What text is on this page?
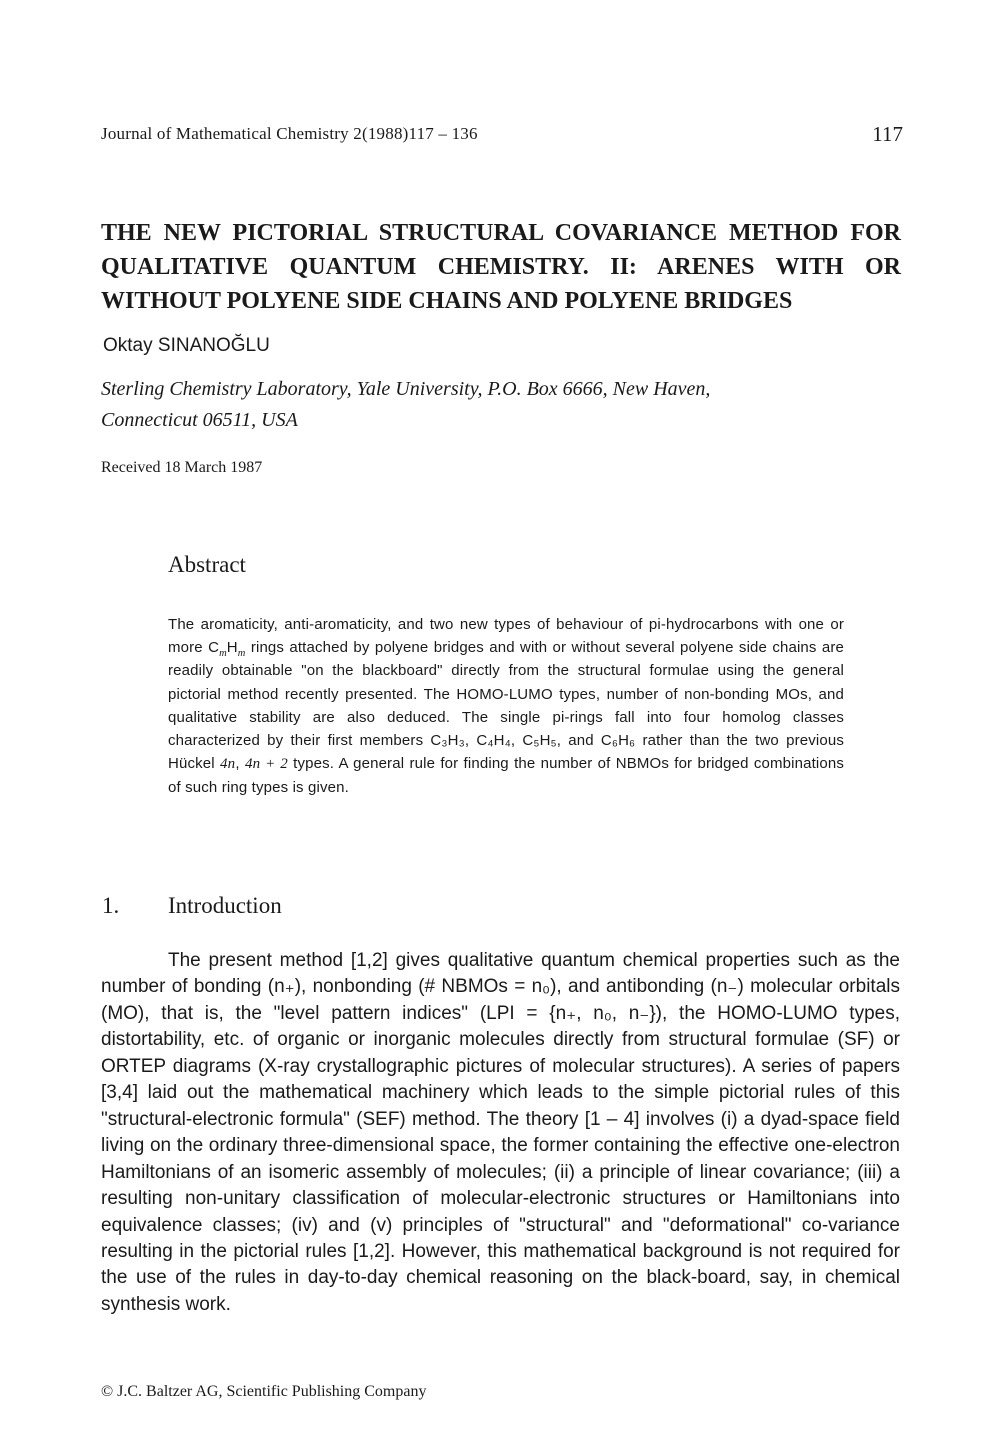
Journal of Mathematical Chemistry 2(1988)117 – 136	117
THE NEW PICTORIAL STRUCTURAL COVARIANCE METHOD FOR QUALITATIVE QUANTUM CHEMISTRY. II: ARENES WITH OR WITHOUT POLYENE SIDE CHAINS AND POLYENE BRIDGES
Oktay SINANOĞLU
Sterling Chemistry Laboratory, Yale University, P.O. Box 6666, New Haven,
Connecticut 06511, USA
Received 18 March 1987
Abstract

The aromaticity, anti-aromaticity, and two new types of behaviour of pi-hydrocarbons with one or more $C_mH_m$ rings attached by polyene bridges and with or without several polyene side chains are readily obtainable "on the blackboard" directly from the structural formulae using the general pictorial method recently presented. The HOMO-LUMO types, number of non-bonding MOs, and qualitative stability are also deduced. The single pi-rings fall into four homolog classes characterized by their first members C₃H₃, C₄H₄, C₅H₅, and C₆H₆ rather than the two previous Hückel 4n, 4n + 2 types. A general rule for finding the number of NBMOs for bridged combinations of such ring types is given.

1. Introduction

The present method [1,2] gives qualitative quantum chemical properties such as the number of bonding (n₊), nonbonding (# NBMOs = n₀), and antibonding (n₋) molecular orbitals (MO), that is, the "level pattern indices" (LPI = {n₊, n₀, n₋}), the HOMO-LUMO types, distortability, etc. of organic or inorganic molecules directly from structural formulae (SF) or ORTEP diagrams (X-ray crystallographic pictures of molecular structures). A series of papers [3,4] laid out the mathematical machinery which leads to the simple pictorial rules of this "structural-electronic formula" (SEF) method. The theory [1 – 4] involves (i) a dyad-space field living on the ordinary three-dimensional space, the former containing the effective one-electron Hamiltonians of an isomeric assembly of molecules; (ii) a principle of linear covariance; (iii) a resulting non-unitary classification of molecular-electronic structures or Hamiltonians into equivalence classes; (iv) and (v) principles of "structural" and "deformational" co-variance resulting in the pictorial rules [1,2]. However, this mathematical background is not required for the use of the rules in day-to-day chemical reasoning on the black-board, say, in chemical synthesis work.

© J.C. Baltzer AG, Scientific Publishing Company
